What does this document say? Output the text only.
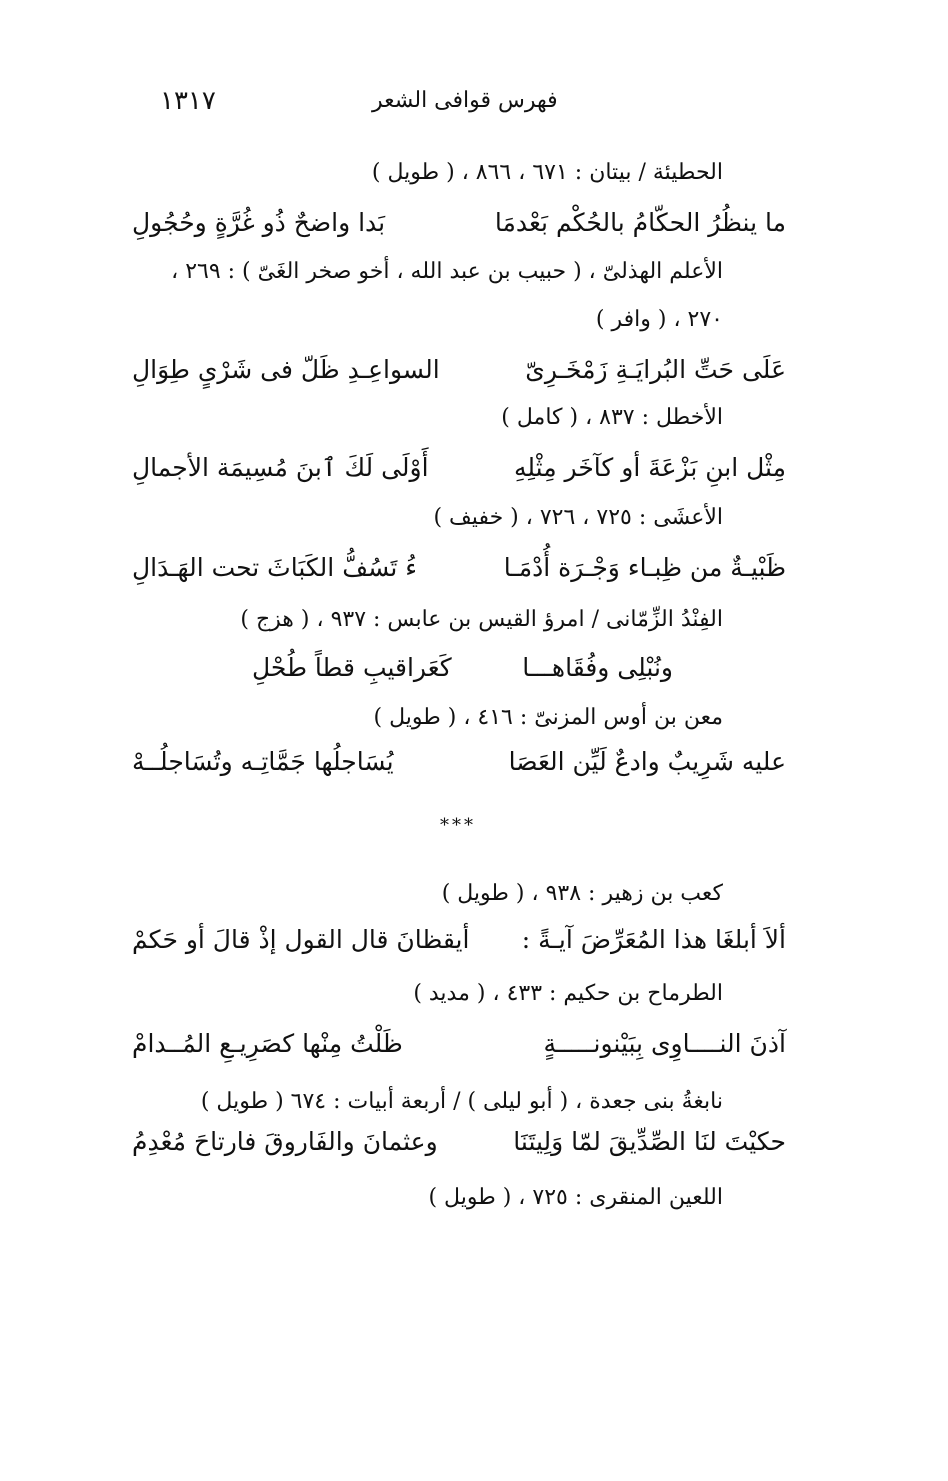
١٣١٧	فهرس قوافى الشعر
الحطيئة / بيتان : ٦٧١ ، ٨٦٦ ، ( طويل )
ما ينظُرُ الحكّامُ بالحُكْم بَعْدمَا
بَدا واضحٌ ذُو غُرَّةٍ وحُجُولِ
الأعلم الهذلىّ ، ( حبيب بن عبد الله ، أخو صخر الغَىّ ) : ٢٦٩ ،
٢٧٠ ، ( وافر )
عَلَى حَتِّ البُرايَـةِ زَمْخَـرِىّ
السواعِـدِ ظَلّ فى شَرْىٍ طِوَالِ
الأخطل : ٨٣٧ ، ( كامل )
مِثْل ابنِ بَزْعَةَ أو كآخَر مِثْلِهِ
أَوْلَى لَكَ ٱبنَ مُسِيمَة الأجمالِ
الأعشَى : ٧٢٥ ، ٧٢٦ ، ( خفيف )
ظَبْيـةٌ من ظِبـاء وَجْـرَة أُدْمَـا
ءُ تَسُفُّ الكَبَاثَ تحت الهَـدَالِ
الفِنْدُ الزِّمّانى / امرؤ القيس بن عابس : ٩٣٧ ، ( هزج )
ونُبْلِى وفُقَاهـــا
كَعَراقيبِ قطاً طُحْلِ
معن بن أوس المزنىّ : ٤١٦ ، ( طويل )
عليه شَرِيبٌ وادعٌ لَيِّن العَصَا
يُسَاجلُها جَمَّاتِـه وتُسَاجلُــهْ
***
كعب بن زهير : ٩٣٨ ، ( طويل )
ألاَ أبلغَا هذا المُعَرِّضَ آيـةً :
أيقظانَ قال القول إذْ قالَ أو حَكمْ
الطرماح بن حكيم : ٤٣٣ ، ( مديد )
آذنَ النــــاوِى بِبَيْنونـــــةٍ
ظَلْتُ مِنْها كصَرِيـعِ المُــدامْ
نابغةُ بنى جعدة ، ( أبو ليلى ) / أربعة أبيات : ٦٧٤ ( طويل )
حكيْتَ لنَا الصِّدِّيقَ لمّا وَلِيتَنَا
وعثمانَ والفَاروقَ فارتاحَ مُعْدِمُ
اللعين المنقرى : ٧٢٥ ، ( طويل )
